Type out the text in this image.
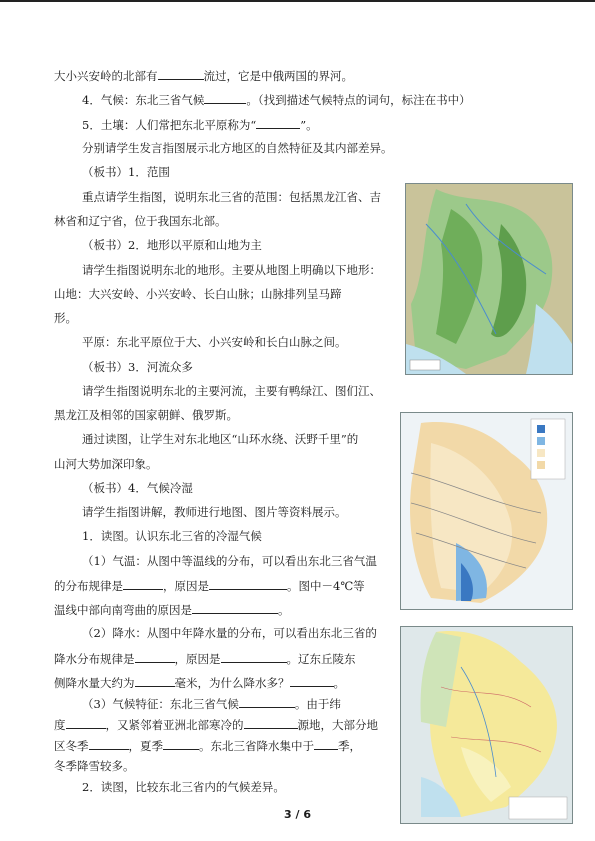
大小兴安岭的北部有	流过，它是中俄两国的界河。
4．气候：东北三省气候	。（找到描述气候特点的词句，标注在书中）
5．土壤：人们常把东北平原称为“	”。
分别请学生发言指图展示北方地区的自然特征及其内部差异。
（板书）1．范围
重点请学生指图，说明东北三省的范围：包括黑龙江省、吉
林省和辽宁省，位于我国东北部。
（板书）2．地形以平原和山地为主
请学生指图说明东北的地形。主要从地图上明确以下地形：
山地：大兴安岭、小兴安岭、长白山脉；山脉排列呈马蹄
形。
平原：东北平原位于大、小兴安岭和长白山脉之间。
（板书）3．河流众多
请学生指图说明东北的主要河流，主要有鸭绿江、图们江、
黑龙江及相邻的国家朝鲜、俄罗斯。
通过读图，让学生对东北地区“山环水绕、沃野千里”的
山河大势加深印象。
（板书）4．气候冷湿
请学生指图讲解，教师进行地图、图片等资料展示。
1．读图。认识东北三省的冷湿气候
（1）气温：从图中等温线的分布，可以看出东北三省气温
的分布规律是	，原因是	。图中－4℃等
温线中部向南弯曲的原因是	。
（2）降水：从图中年降水量的分布，可以看出东北三省的
降水分布规律是	，原因是	。辽东丘陵东
侧降水量大约为	毫米，为什么降水多？	。
（3）气候特征：东北三省气候	。由于纬
度	，又紧邻着亚洲北部寒冷的	源地，大部分地
区冬季	，夏季	。东北三省降水集中于 季，
冬季降雪较多。
2．读图，比较东北三省内的气候差异。
3 / 6
